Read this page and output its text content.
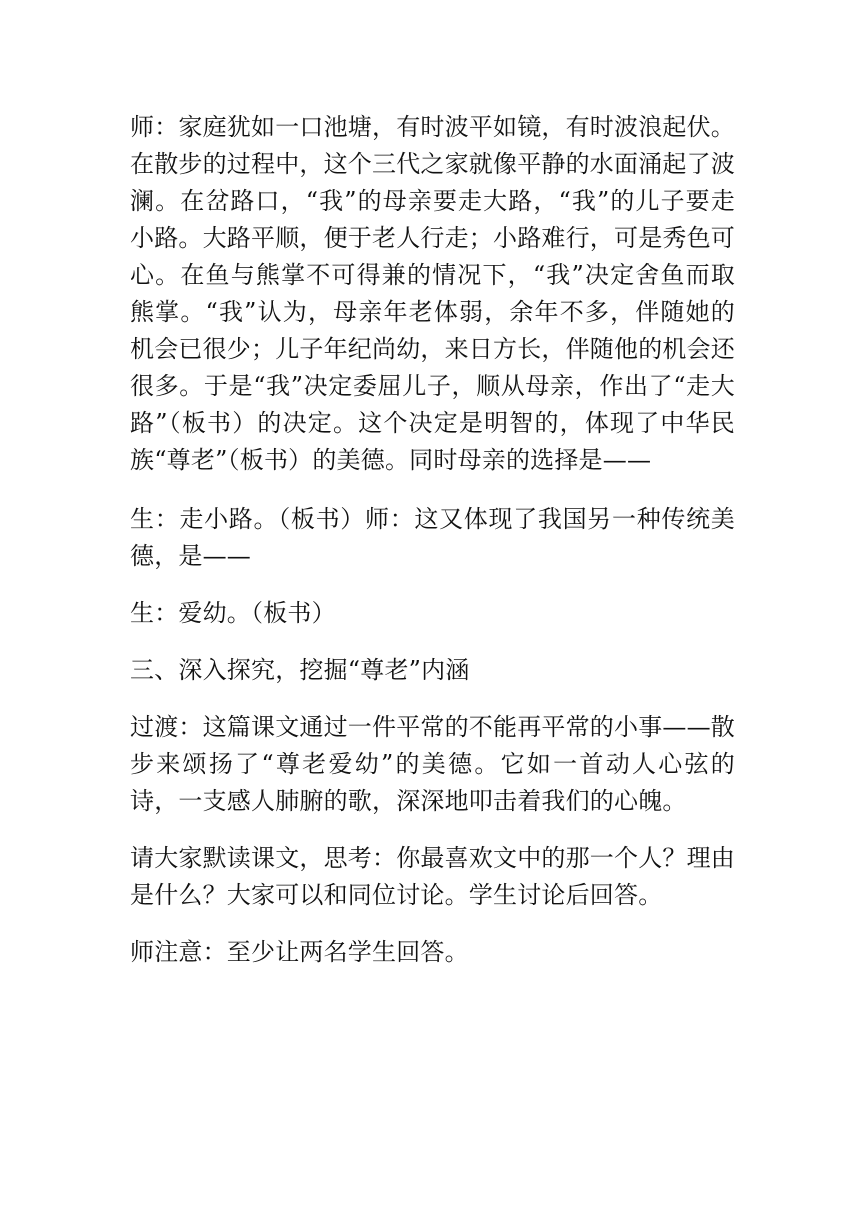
师：家庭犹如一口池塘，有时波平如镜，有时波浪起伏。在散步的过程中，这个三代之家就像平静的水面涌起了波澜。在岔路口，“我”的母亲要走大路，“我”的儿子要走小路。大路平顺，便于老人行走；小路难行，可是秀色可心。在鱼与熊掌不可得兼的情况下，“我”决定舍鱼而取熊掌。“我”认为，母亲年老体弱，余年不多，伴随她的机会已很少；儿子年纪尚幼，来日方长，伴随他的机会还很多。于是“我”决定委屈儿子，顺从母亲，作出了“走大路”（板书）的决定。这个决定是明智的，体现了中华民族“尊老”（板书）的美德。同时母亲的选择是——

生：走小路。（板书）师：这又体现了我国另一种传统美德，是——

生：爱幼。（板书）

三、深入探究，挖掘“尊老”内涵

过渡：这篇课文通过一件平常的不能再平常的小事——散步来颂扬了“尊老爱幼”的美德。它如一首动人心弦的诗，一支感人肺腑的歌，深深地叩击着我们的心魄。

请大家默读课文，思考：你最喜欢文中的那一个人？理由是什么？大家可以和同位讨论。学生讨论后回答。

师注意：至少让两名学生回答。
